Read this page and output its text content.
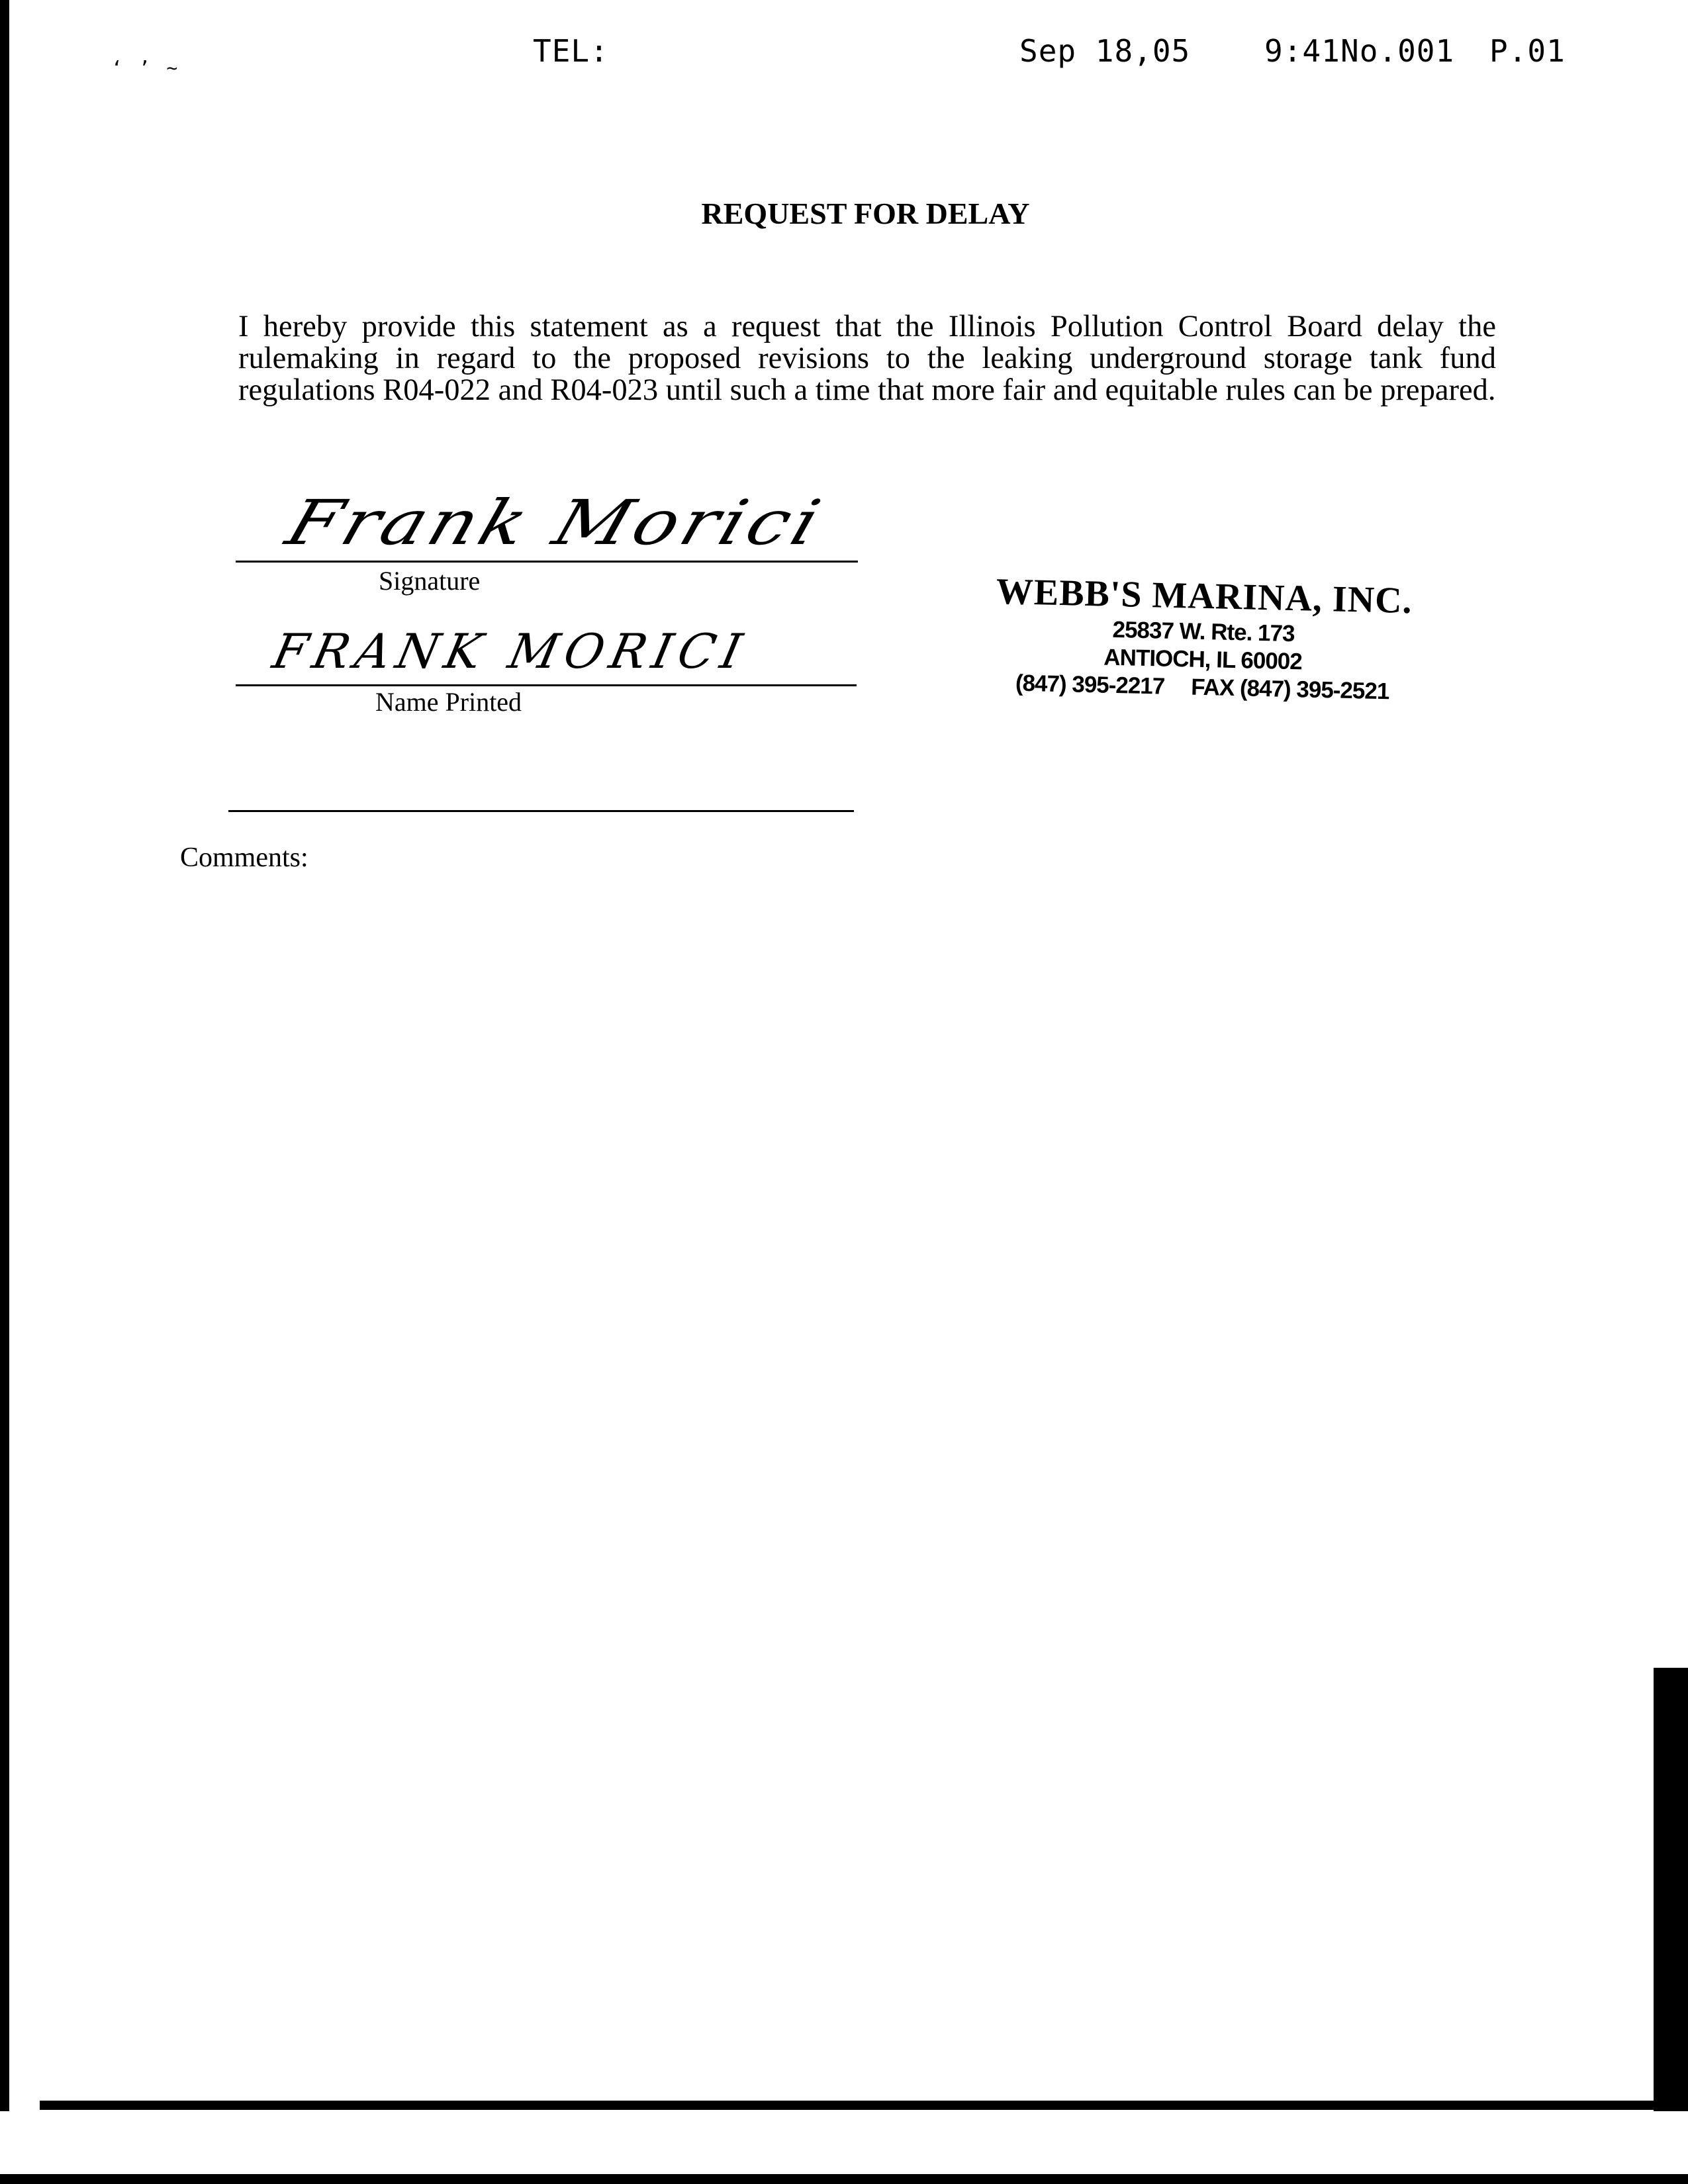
‘ ’ ~	TEL:	Sep 18,05 9:41 No.001 P.01
REQUEST FOR DELAY

I hereby provide this statement as a request that the Illinois Pollution Control Board delay the rulemaking in regard to the proposed revisions to the leaking underground storage tank fund regulations R04-022 and R04-023 until such a time that more fair and equitable rules can be prepared.

Frank Morici
Signature
FRANK MORICI
Name Printed
Comments:
WEBB'S MARINA, INC.
25837 W. Rte. 173
ANTIOCH, IL 60002
(847) 395-2217 FAX (847) 395-2521
